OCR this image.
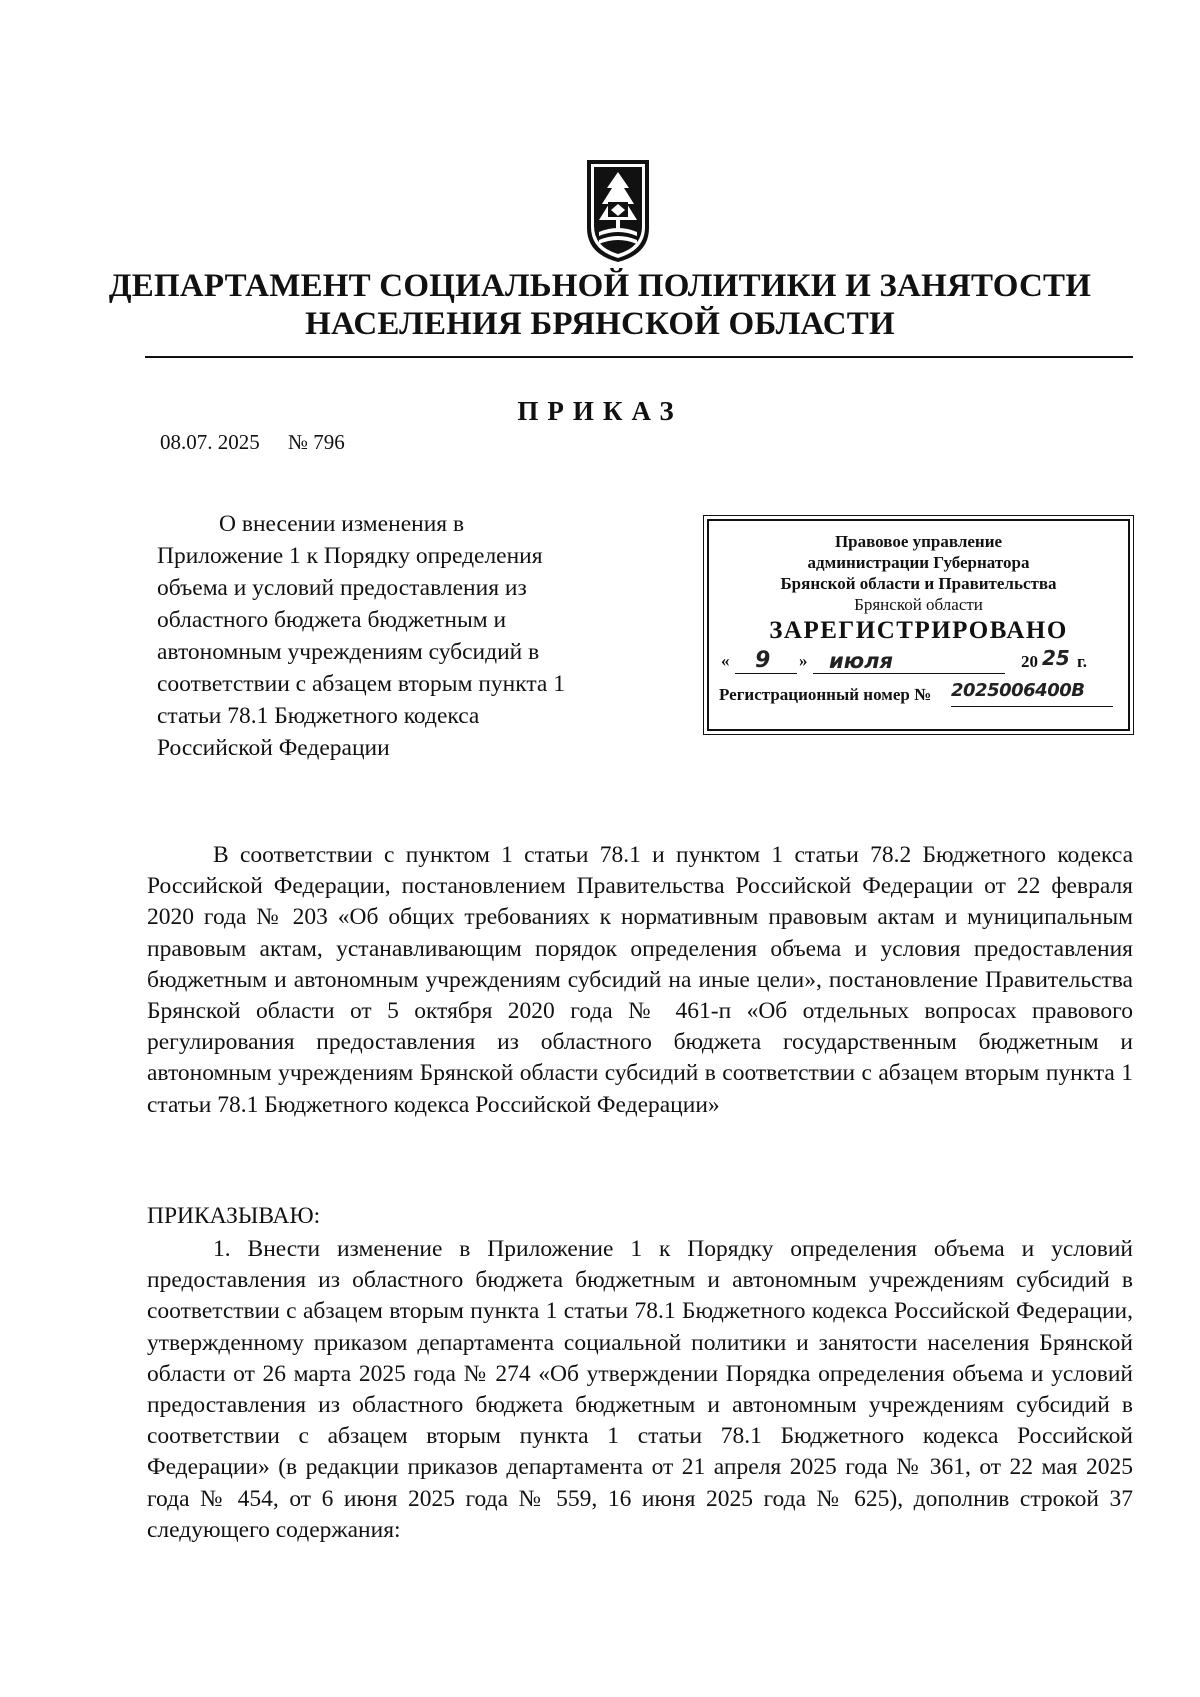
ДЕПАРТАМЕНТ СОЦИАЛЬНОЙ ПОЛИТИКИ И ЗАНЯТОСТИ
НАСЕЛЕНИЯ БРЯНСКОЙ ОБЛАСТИ
ПРИКАЗ
08.07. 2025 № 796
О внесении изменения в
Приложение 1 к Порядку определения
объема и условий предоставления из
областного бюджета бюджетным и
автономным учреждениям субсидий в
соответствии с абзацем вторым пункта 1
статьи 78.1 Бюджетного кодекса
Российской Федерации
Правовое управление
администрации Губернатора
Брянской области и Правительства
Брянской области
ЗАРЕГИСТРИРОВАНО
« 9 » июля	20 25 г.
Регистрационный номер № 2025006400В
В соответствии с пунктом 1 статьи 78.1 и пунктом 1 статьи 78.2 Бюджетного кодекса Российской Федерации, постановлением Правительства Российской Федерации от 22 февраля 2020 года № 203 «Об общих требованиях к нормативным правовым актам и муниципальным правовым актам, устанавливающим порядок определения объема и условия предоставления бюджетным и автономным учреждениям субсидий на иные цели», постановление Правительства Брянской области от 5 октября 2020 года № 461-п «Об отдельных вопросах правового регулирования предоставления из областного бюджета государственным бюджетным и автономным учреждениям Брянской области субсидий в соответствии с абзацем вторым пункта 1 статьи 78.1 Бюджетного кодекса Российской Федерации»
ПРИКАЗЫВАЮ:
1. Внести изменение в Приложение 1 к Порядку определения объема и условий предоставления из областного бюджета бюджетным и автономным учреждениям субсидий в соответствии с абзацем вторым пункта 1 статьи 78.1 Бюджетного кодекса Российской Федерации, утвержденному приказом департамента социальной политики и занятости населения Брянской области от 26 марта 2025 года № 274 «Об утверждении Порядка определения объема и условий предоставления из областного бюджета бюджетным и автономным учреждениям субсидий в соответствии с абзацем вторым пункта 1 статьи 78.1 Бюджетного кодекса Российской Федерации» (в редакции приказов департамента от 21 апреля 2025 года № 361, от 22 мая 2025 года № 454, от 6 июня 2025 года № 559, 16 июня 2025 года № 625), дополнив строкой 37 следующего содержания:
